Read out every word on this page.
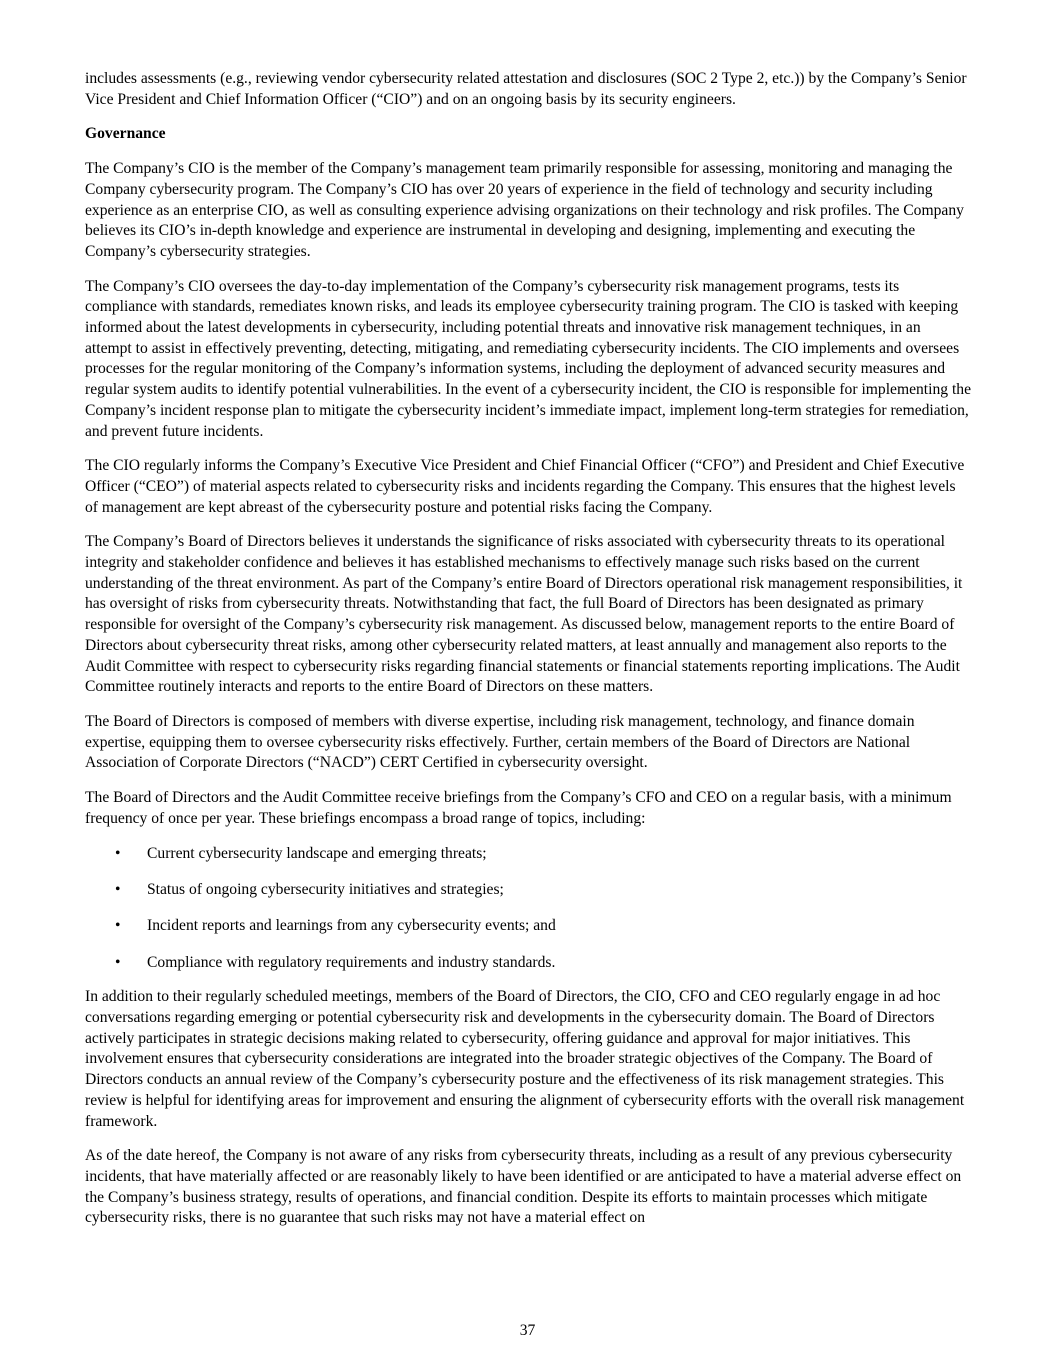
includes assessments (e.g., reviewing vendor cybersecurity related attestation and disclosures (SOC 2 Type 2, etc.)) by the Company’s Senior Vice President and Chief Information Officer (“CIO”) and on an ongoing basis by its security engineers.

Governance

The Company’s CIO is the member of the Company’s management team primarily responsible for assessing, monitoring and managing the Company cybersecurity program. The Company’s CIO has over 20 years of experience in the field of technology and security including experience as an enterprise CIO, as well as consulting experience advising organizations on their technology and risk profiles. The Company believes its CIO’s in-depth knowledge and experience are instrumental in developing and designing, implementing and executing the Company’s cybersecurity strategies.

The Company’s CIO oversees the day-to-day implementation of the Company’s cybersecurity risk management programs, tests its compliance with standards, remediates known risks, and leads its employee cybersecurity training program. The CIO is tasked with keeping informed about the latest developments in cybersecurity, including potential threats and innovative risk management techniques, in an attempt to assist in effectively preventing, detecting, mitigating, and remediating cybersecurity incidents. The CIO implements and oversees processes for the regular monitoring of the Company’s information systems, including the deployment of advanced security measures and regular system audits to identify potential vulnerabilities. In the event of a cybersecurity incident, the CIO is responsible for implementing the Company’s incident response plan to mitigate the cybersecurity incident’s immediate impact, implement long-term strategies for remediation, and prevent future incidents.

The CIO regularly informs the Company’s Executive Vice President and Chief Financial Officer (“CFO”) and President and Chief Executive Officer (“CEO”) of material aspects related to cybersecurity risks and incidents regarding the Company. This ensures that the highest levels of management are kept abreast of the cybersecurity posture and potential risks facing the Company.

The Company’s Board of Directors believes it understands the significance of risks associated with cybersecurity threats to its operational integrity and stakeholder confidence and believes it has established mechanisms to effectively manage such risks based on the current understanding of the threat environment. As part of the Company’s entire Board of Directors operational risk management responsibilities, it has oversight of risks from cybersecurity threats. Notwithstanding that fact, the full Board of Directors has been designated as primary responsible for oversight of the Company’s cybersecurity risk management. As discussed below, management reports to the entire Board of Directors about cybersecurity threat risks, among other cybersecurity related matters, at least annually and management also reports to the Audit Committee with respect to cybersecurity risks regarding financial statements or financial statements reporting implications. The Audit Committee routinely interacts and reports to the entire Board of Directors on these matters.

The Board of Directors is composed of members with diverse expertise, including risk management, technology, and finance domain expertise, equipping them to oversee cybersecurity risks effectively. Further, certain members of the Board of Directors are National Association of Corporate Directors (“NACD”) CERT Certified in cybersecurity oversight.

The Board of Directors and the Audit Committee receive briefings from the Company’s CFO and CEO on a regular basis, with a minimum frequency of once per year. These briefings encompass a broad range of topics, including:

• Current cybersecurity landscape and emerging threats;
• Status of ongoing cybersecurity initiatives and strategies;
• Incident reports and learnings from any cybersecurity events; and
• Compliance with regulatory requirements and industry standards.

In addition to their regularly scheduled meetings, members of the Board of Directors, the CIO, CFO and CEO regularly engage in ad hoc conversations regarding emerging or potential cybersecurity risk and developments in the cybersecurity domain. The Board of Directors actively participates in strategic decisions making related to cybersecurity, offering guidance and approval for major initiatives. This involvement ensures that cybersecurity considerations are integrated into the broader strategic objectives of the Company. The Board of Directors conducts an annual review of the Company’s cybersecurity posture and the effectiveness of its risk management strategies. This review is helpful for identifying areas for improvement and ensuring the alignment of cybersecurity efforts with the overall risk management framework.

As of the date hereof, the Company is not aware of any risks from cybersecurity threats, including as a result of any previous cybersecurity incidents, that have materially affected or are reasonably likely to have been identified or are anticipated to have a material adverse effect on the Company’s business strategy, results of operations, and financial condition. Despite its efforts to maintain processes which mitigate cybersecurity risks, there is no guarantee that such risks may not have a material effect on

37
